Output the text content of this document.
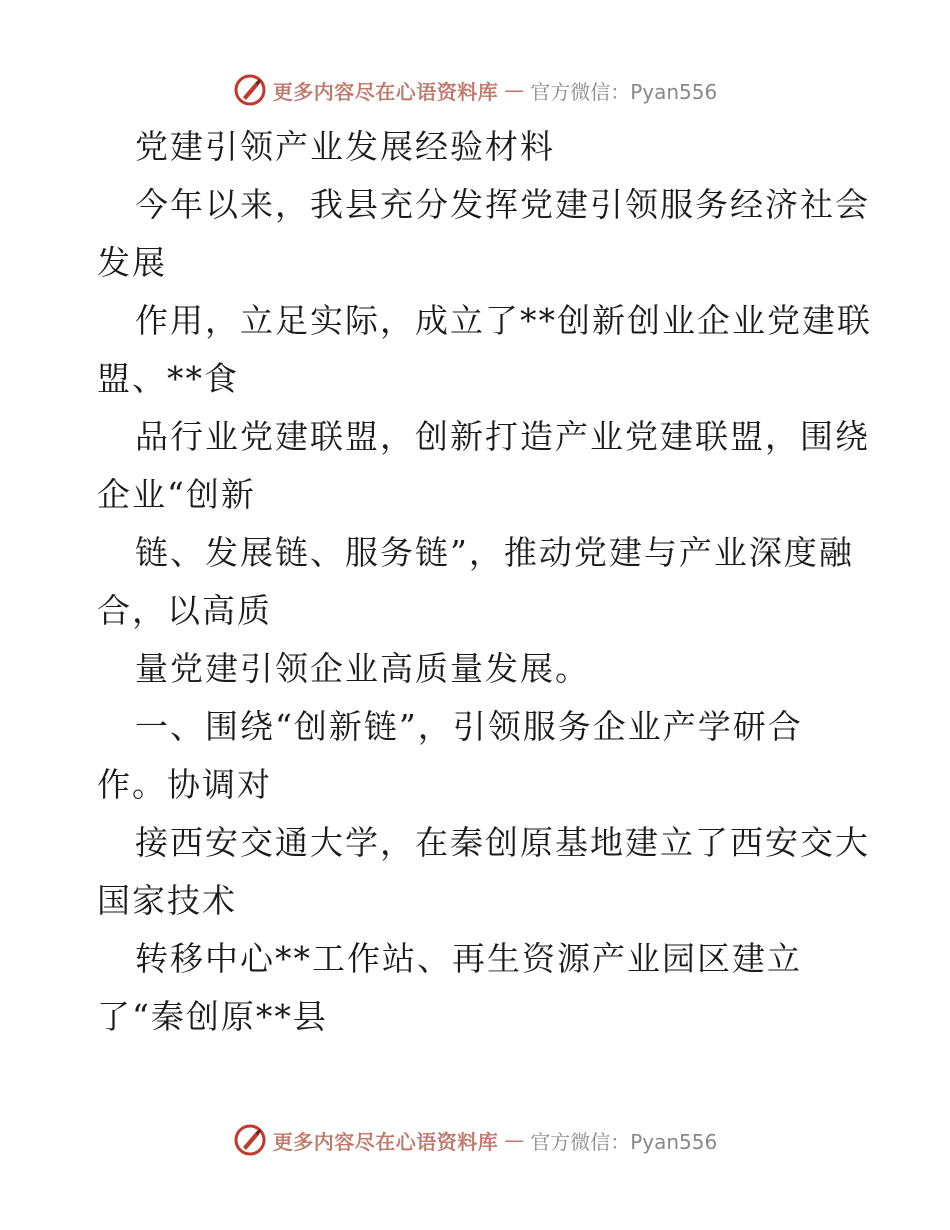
更多内容尽在心语资料库 — 官方微信：Pyan556
党建引领产业发展经验材料
今年以来，我县充分发挥党建引领服务经济社会
发展
作用，立足实际，成立了**创新创业企业党建联
盟、**食
品行业党建联盟，创新打造产业党建联盟，围绕
企业“创新
链、发展链、服务链”，推动党建与产业深度融
合，以高质
量党建引领企业高质量发展。
一、围绕“创新链”，引领服务企业产学研合
作。协调对
接西安交通大学，在秦创原基地建立了西安交大
国家技术
转移中心**工作站、再生资源产业园区建立
了“秦创原**县
更多内容尽在心语资料库 — 官方微信：Pyan556
